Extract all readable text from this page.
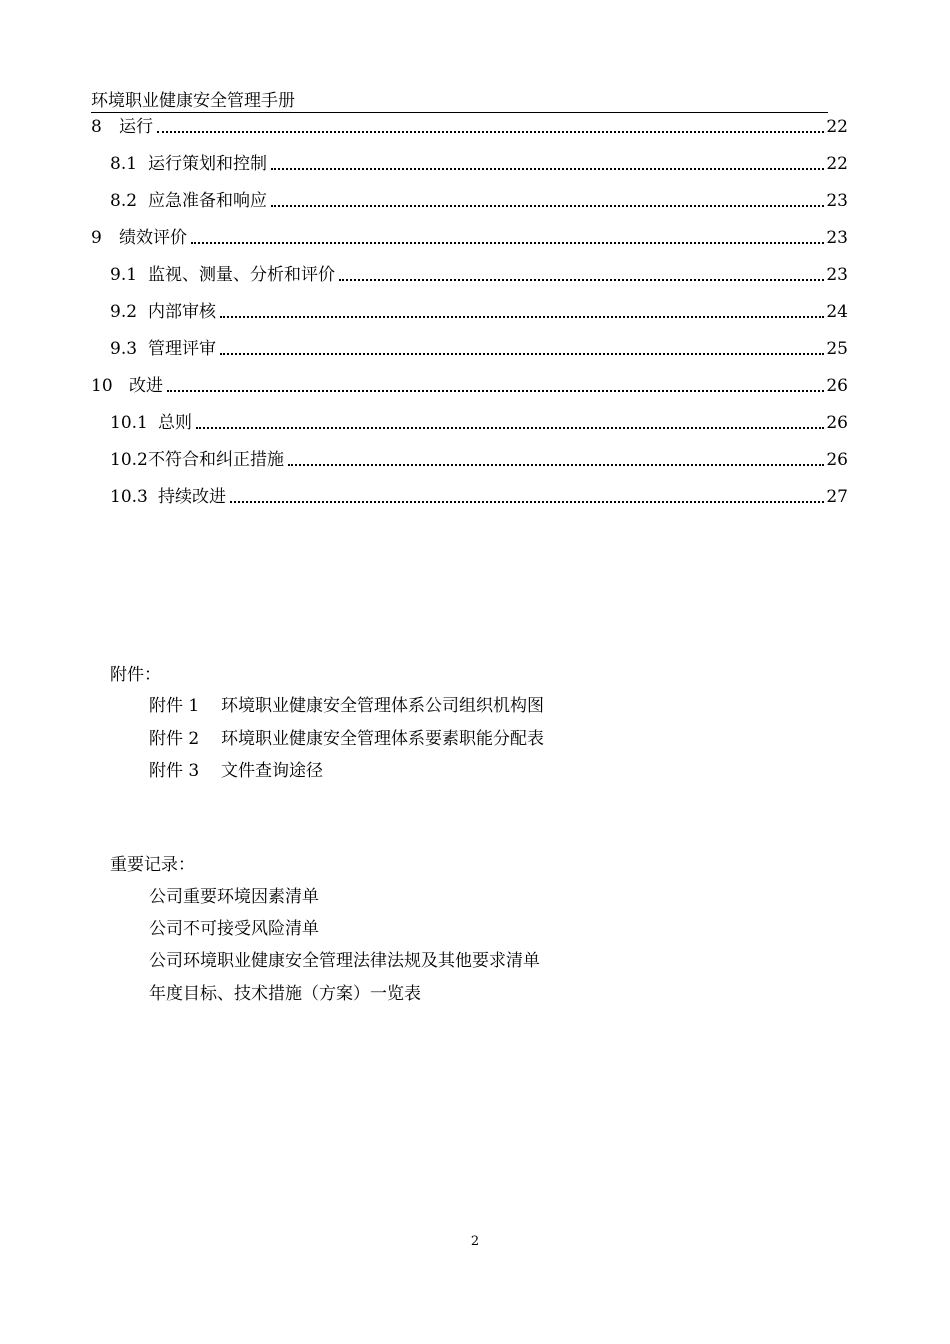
环境职业健康安全管理手册
8	运行	22
8.1 运行策划和控制	22
8.2 应急准备和响应	23
9	绩效评价	23
9.1 监视、测量、分析和评价	23
9.2 内部审核	24
9.3 管理评审	25
10 改进	26
10.1 总则	26
10.2 不符合和纠正措施	26
10.3 持续改进	27
附件：
附件 1 环境职业健康安全管理体系公司组织机构图
附件 2 环境职业健康安全管理体系要素职能分配表
附件 3 文件查询途径
重要记录：
公司重要环境因素清单
公司不可接受风险清单
公司环境职业健康安全管理法律法规及其他要求清单
年度目标、技术措施（方案）一览表
2
